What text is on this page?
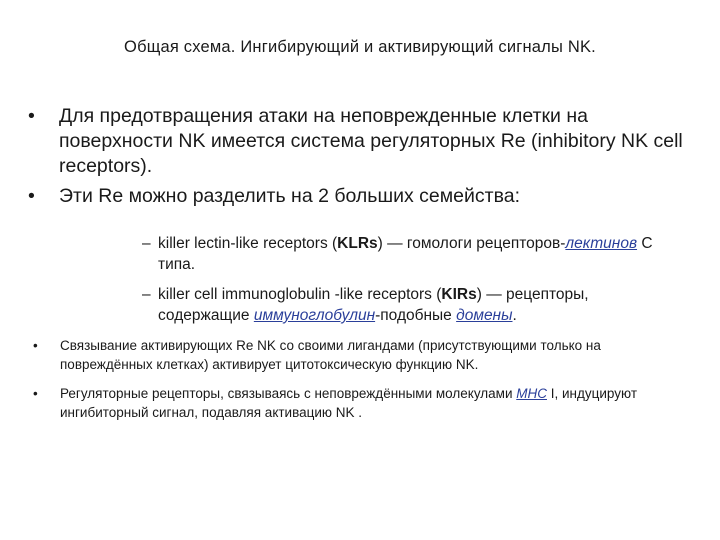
Общая схема. Ингибирующий и активирующий сигналы NK.
• Для предотвращения атаки на неповрежденные клетки на поверхности NK имеется система регуляторных Re (inhibitory NK cell receptors).
• Эти Re можно разделить на 2 больших семейства:
– killer lectin-like receptors (KLRs) — гомологи рецепторов-лектинов С типа.
– killer cell immunoglobulin -like receptors (KIRs) — рецепторы, содержащие иммуноглобулин-подобные домены.
• Связывание активирующих Re NK со своими лигандами (присутствующими только на повреждённых клетках) активирует цитотоксическую функцию NK.
• Регуляторные рецепторы, связываясь с неповреждёнными молекулами MHC I, индуцируют ингибиторный сигнал, подавляя активацию NK .
